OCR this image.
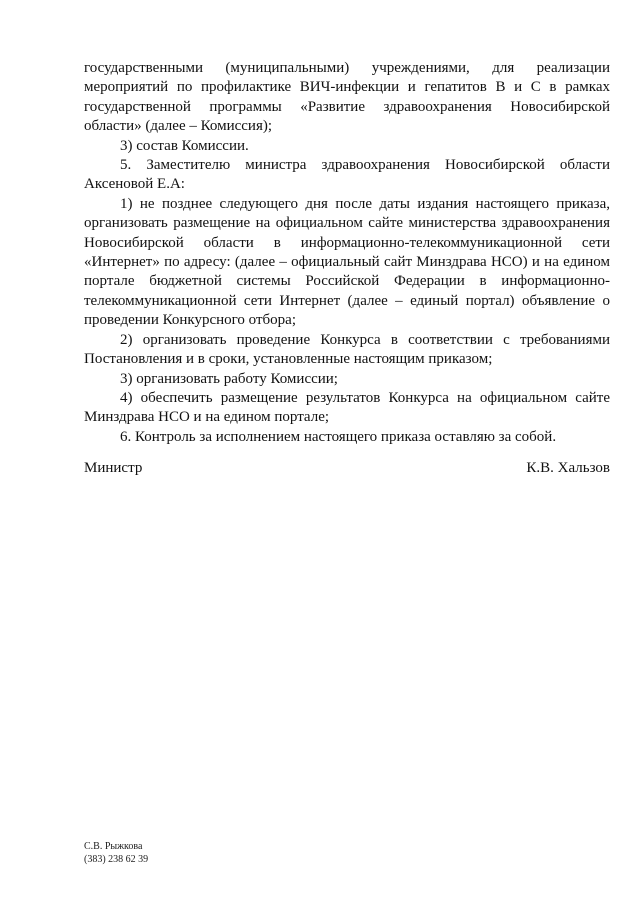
государственными (муниципальными) учреждениями, для реализации мероприятий по профилактике ВИЧ-инфекции и гепатитов В и С в рамках государственной программы «Развитие здравоохранения Новосибирской области» (далее – Комиссия);

3) состав Комиссии.

5. Заместителю министра здравоохранения Новосибирской области Аксеновой Е.А:

1) не позднее следующего дня после даты издания настоящего приказа, организовать размещение на официальном сайте министерства здравоохранения Новосибирской области в информационно-телекоммуникационной сети «Интернет» по адресу: (далее – официальный сайт Минздрава НСО) и на едином портале бюджетной системы Российской Федерации в информационно-телекоммуникационной сети Интернет (далее – единый портал) объявление о проведении Конкурсного отбора;

2) организовать проведение Конкурса в соответствии с требованиями Постановления и в сроки, установленные настоящим приказом;

3) организовать работу Комиссии;

4) обеспечить размещение результатов Конкурса на официальном сайте Минздрава НСО и на едином портале;

6. Контроль за исполнением настоящего приказа оставляю за собой.

Министр	К.В. Хальзов
С.В. Рыжкова
(383) 238 62 39
